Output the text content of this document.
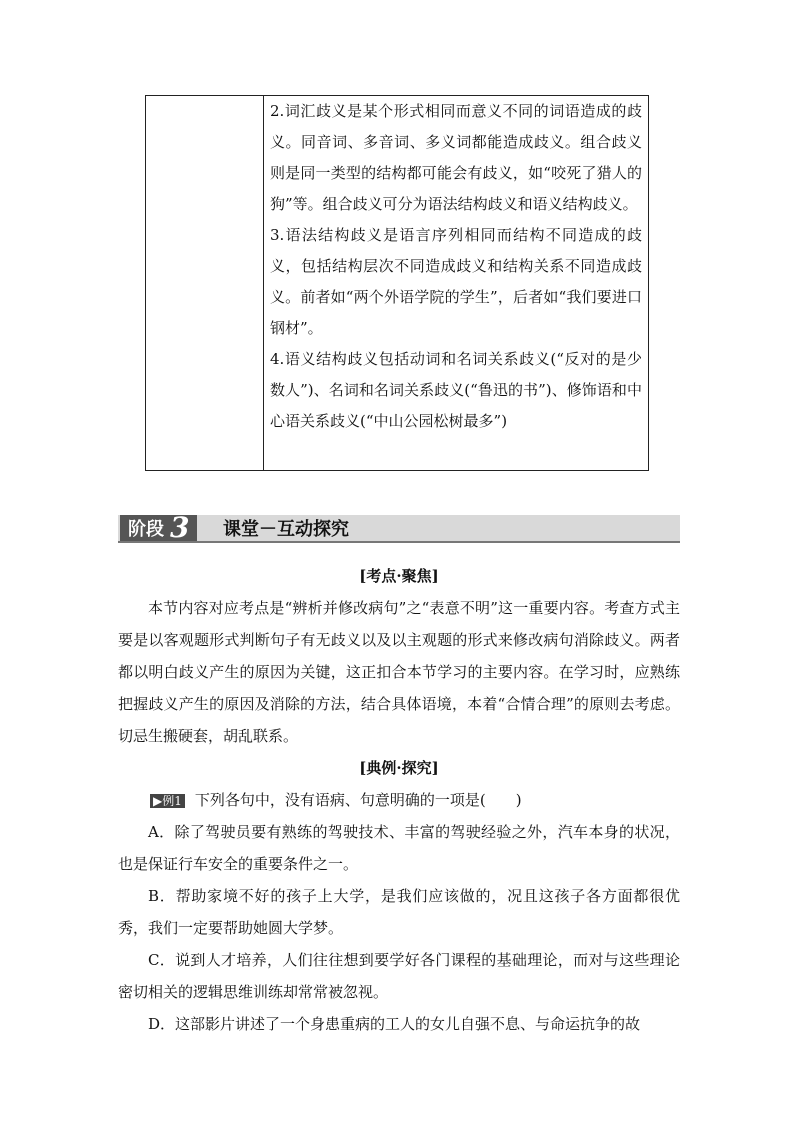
2.词汇歧义是某个形式相同而意义不同的词语造成的歧义。同音词、多音词、多义词都能造成歧义。组合歧义则是同一类型的结构都可能会有歧义，如“咬死了猎人的狗”等。组合歧义可分为语法结构歧义和语义结构歧义。
3.语法结构歧义是语言序列相同而结构不同造成的歧义，包括结构层次不同造成歧义和结构关系不同造成歧义。前者如“两个外语学院的学生”，后者如“我们要进口钢材”。
4.语义结构歧义包括动词和名词关系歧义(“反对的是少数人”)、名词和名词关系歧义(“鲁迅的书”)、修饰语和中心语关系歧义(“中山公园松树最多”)
阶段 3 课堂－互动探究
[考点·聚焦]
本节内容对应考点是“辨析并修改病句”之“表意不明”这一重要内容。考查方式主要是以客观题形式判断句子有无歧义以及以主观题的形式来修改病句消除歧义。两者都以明白歧义产生的原因为关键，这正扣合本节学习的主要内容。在学习时，应熟练把握歧义产生的原因及消除的方法，结合具体语境，本着“合情合理”的原则去考虑。切忌生搬硬套，胡乱联系。
[典例·探究]
▶例1 下列各句中，没有语病、句意明确的一项是(　　)
A．除了驾驶员要有熟练的驾驶技术、丰富的驾驶经验之外，汽车本身的状况，也是保证行车安全的重要条件之一。
B．帮助家境不好的孩子上大学，是我们应该做的，况且这孩子各方面都很优秀，我们一定要帮助她圆大学梦。
C．说到人才培养，人们往往想到要学好各门课程的基础理论，而对与这些理论密切相关的逻辑思维训练却常常被忽视。
D．这部影片讲述了一个身患重病的工人的女儿自强不息、与命运抗争的故
